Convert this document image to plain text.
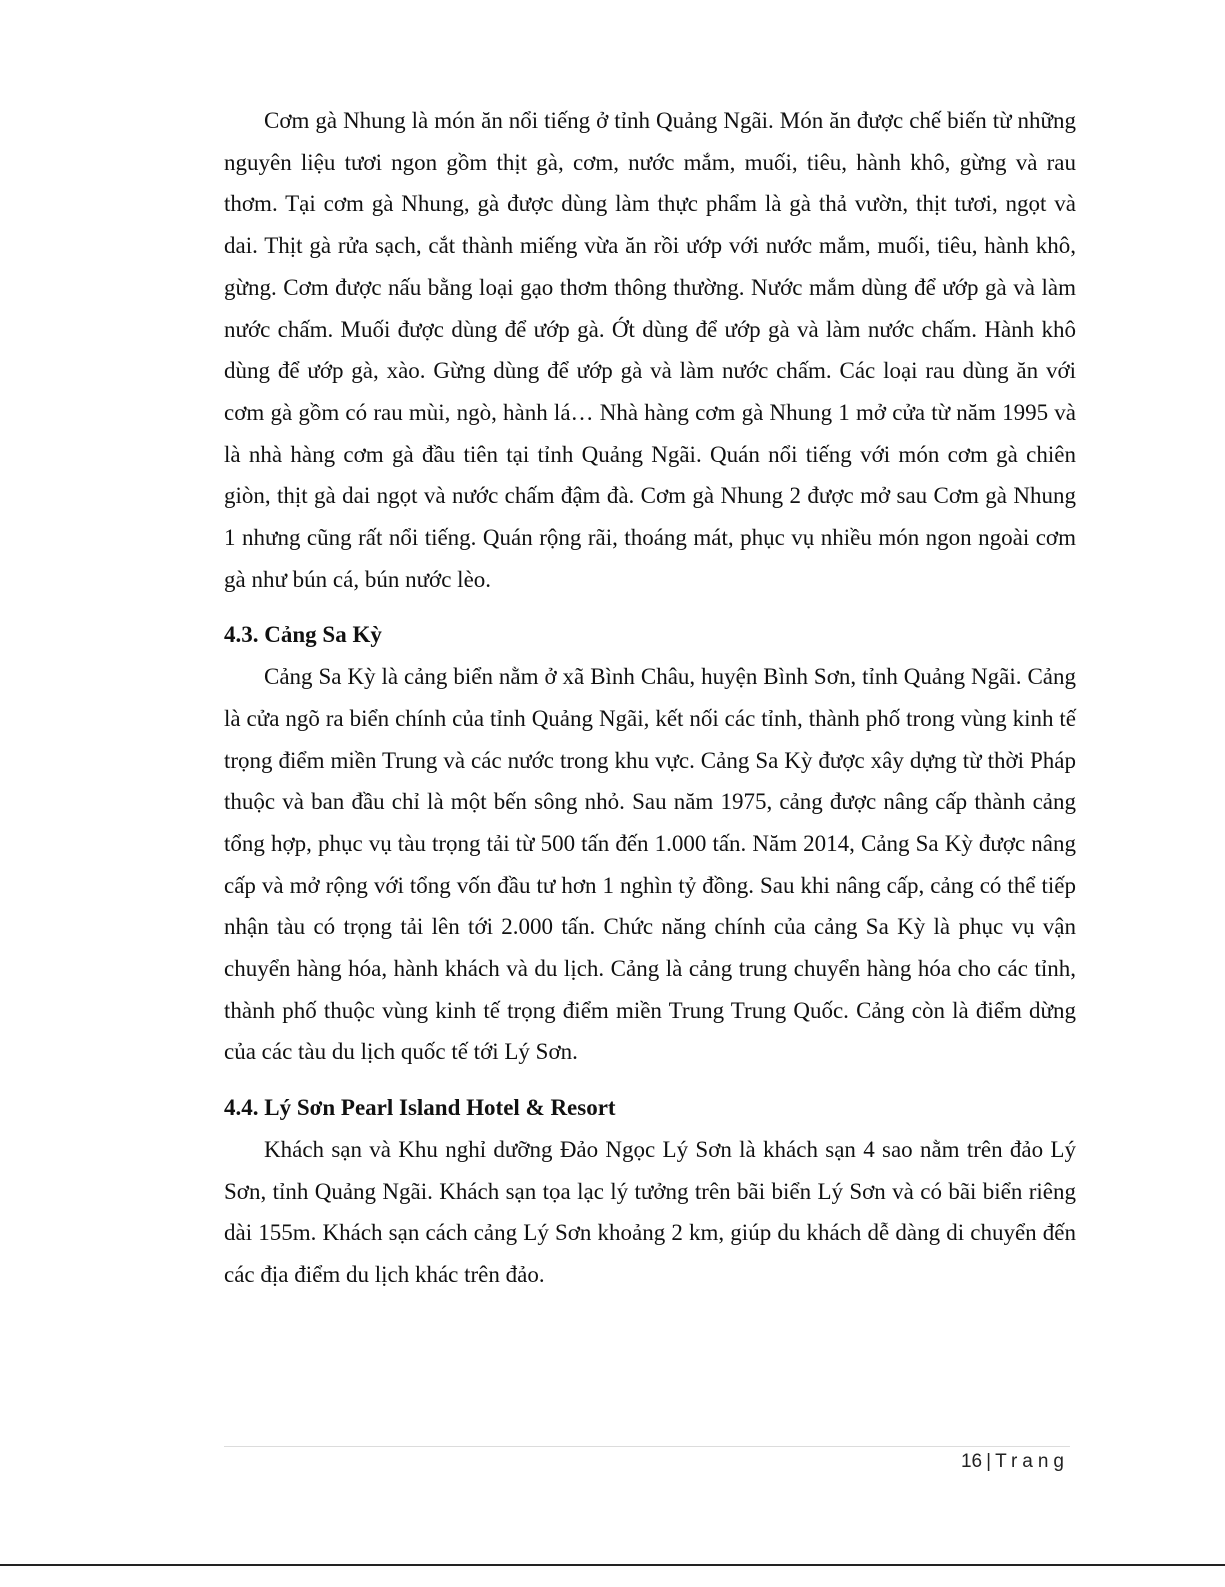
Cơm gà Nhung là món ăn nổi tiếng ở tỉnh Quảng Ngãi. Món ăn được chế biến từ những nguyên liệu tươi ngon gồm thịt gà, cơm, nước mắm, muối, tiêu, hành khô, gừng và rau thơm. Tại cơm gà Nhung, gà được dùng làm thực phẩm là gà thả vườn, thịt tươi, ngọt và dai. Thịt gà rửa sạch, cắt thành miếng vừa ăn rồi ướp với nước mắm, muối, tiêu, hành khô, gừng. Cơm được nấu bằng loại gạo thơm thông thường. Nước mắm dùng để ướp gà và làm nước chấm. Muối được dùng để ướp gà. Ớt dùng để ướp gà và làm nước chấm. Hành khô dùng để ướp gà, xào. Gừng dùng để ướp gà và làm nước chấm. Các loại rau dùng ăn với cơm gà gồm có rau mùi, ngò, hành lá… Nhà hàng cơm gà Nhung 1 mở cửa từ năm 1995 và là nhà hàng cơm gà đầu tiên tại tỉnh Quảng Ngãi. Quán nổi tiếng với món cơm gà chiên giòn, thịt gà dai ngọt và nước chấm đậm đà. Cơm gà Nhung 2 được mở sau Cơm gà Nhung 1 nhưng cũng rất nổi tiếng. Quán rộng rãi, thoáng mát, phục vụ nhiều món ngon ngoài cơm gà như bún cá, bún nước lèo.

4.3. Cảng Sa Kỳ

Cảng Sa Kỳ là cảng biển nằm ở xã Bình Châu, huyện Bình Sơn, tỉnh Quảng Ngãi. Cảng là cửa ngõ ra biển chính của tỉnh Quảng Ngãi, kết nối các tỉnh, thành phố trong vùng kinh tế trọng điểm miền Trung và các nước trong khu vực. Cảng Sa Kỳ được xây dựng từ thời Pháp thuộc và ban đầu chỉ là một bến sông nhỏ. Sau năm 1975, cảng được nâng cấp thành cảng tổng hợp, phục vụ tàu trọng tải từ 500 tấn đến 1.000 tấn. Năm 2014, Cảng Sa Kỳ được nâng cấp và mở rộng với tổng vốn đầu tư hơn 1 nghìn tỷ đồng. Sau khi nâng cấp, cảng có thể tiếp nhận tàu có trọng tải lên tới 2.000 tấn. Chức năng chính của cảng Sa Kỳ là phục vụ vận chuyển hàng hóa, hành khách và du lịch. Cảng là cảng trung chuyển hàng hóa cho các tỉnh, thành phố thuộc vùng kinh tế trọng điểm miền Trung Trung Quốc. Cảng còn là điểm dừng của các tàu du lịch quốc tế tới Lý Sơn.

4.4. Lý Sơn Pearl Island Hotel & Resort

Khách sạn và Khu nghỉ dưỡng Đảo Ngọc Lý Sơn là khách sạn 4 sao nằm trên đảo Lý Sơn, tỉnh Quảng Ngãi. Khách sạn tọa lạc lý tưởng trên bãi biển Lý Sơn và có bãi biển riêng dài 155m. Khách sạn cách cảng Lý Sơn khoảng 2 km, giúp du khách dễ dàng di chuyển đến các địa điểm du lịch khác trên đảo.

16 | Trang
